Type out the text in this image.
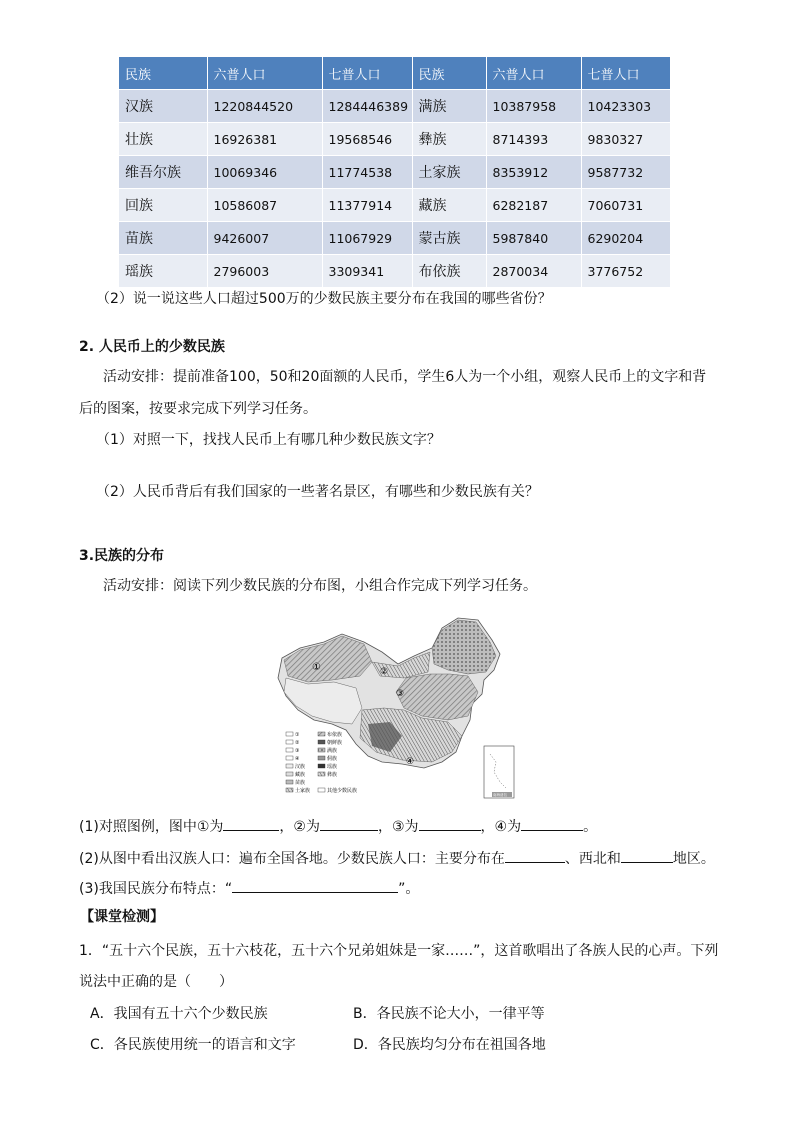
民族	六普人口	七普人口	民族	六普人口	七普人口
汉族	1220844520	1284446389	满族	10387958	10423303
壮族	16926381	19568546	彝族	8714393	9830327
维吾尔族	10069346	11774538	土家族	8353912	9587732
回族	10586087	11377914	藏族	6282187	7060731
苗族	9426007	11067929	蒙古族	5987840	6290204
瑶族	2796003	3309341	布依族	2870034	3776752
（2）说一说这些人口超过500万的少数民族主要分布在我国的哪些省份？
2. 人民币上的少数民族
活动安排：提前准备100，50和20面额的人民币，学生6人为一个小组，观察人民币上的文字和背
后的图案，按要求完成下列学习任务。
（1）对照一下，找找人民币上有哪几种少数民族文字？
（2）人民币背后有我们国家的一些著名景区，有哪些和少数民族有关？
3.民族的分布
活动安排：阅读下列少数民族的分布图，小组合作完成下列学习任务。
①	②
③
④
①
②
③
④
汉族
藏族
苗族
土家族
布依族
朝鲜族
满族
侗族
瑶族
彝族
其他少数民族
南海诸岛
(1)对照图例，图中①为	，②为	，③为	，④为	。
(2)从图中看出汉族人口：遍布全国各地。少数民族人口：主要分布在	、西北和	地区。
(3)我国民族分布特点：“	”。
【课堂检测】
1．“五十六个民族，五十六枝花，五十六个兄弟姐妹是一家……”，这首歌唱出了各族人民的心声。下列
说法中正确的是（　　）
A．我国有五十六个少数民族	B．各民族不论大小，一律平等
C．各民族使用统一的语言和文字	D．各民族均匀分布在祖国各地
